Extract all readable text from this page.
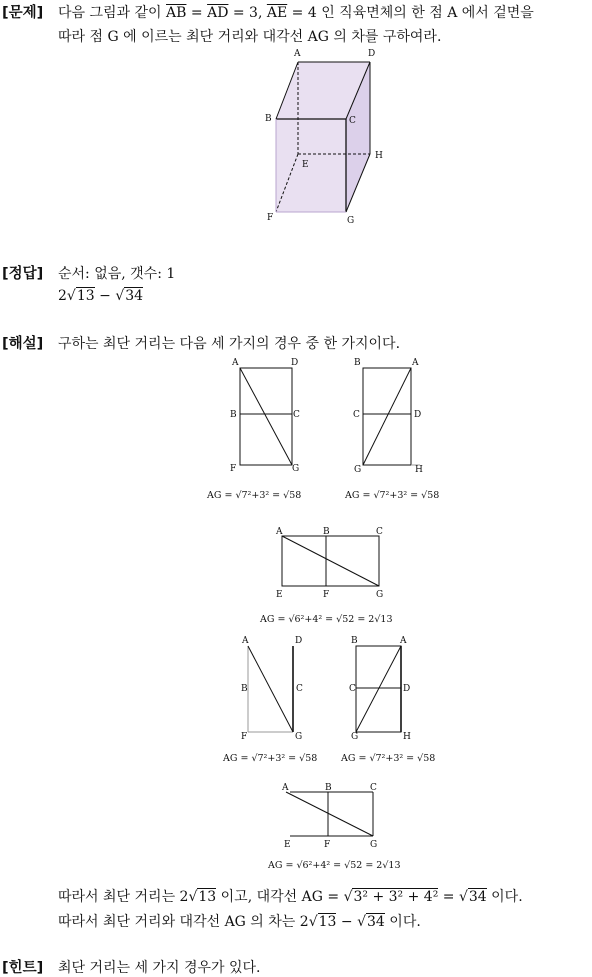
[문제] 다음 그림과 같이 $\overline{AB} = \overline{AD} = 3$, $\overline{AE} = 4$ 인 직육면체의 한 점 A 에서 겉면을
따라 점 G 에 이르는 최단 거리와 대각선 AG 의 차를 구하여라.
A	D
B	C
H
E
F	G
[정답] 순서: 없음, 갯수: 1
2√13 − √34
[해설] 구하는 최단 거리는 다음 세 가지의 경우 중 한 가지이다.
A	D
B	C
F	G
AG = √7²+3² = √58
B	A
C	D
G	H
AG = √7²+3² = √58
A	B	C
E	F	G
AG = √6²+4² = √52 = 2√13
A	D
B	C
F	G
AG = √7²+3² = √58
B	A
C	D
G	H
AG = √7²+3² = √58
A	B	C
E	F	G
AG = √6²+4² = √52 = 2√13
따라서 최단 거리는 2√13 이고, 대각선 AG = √3² + 3² + 4² = √34 이다.
따라서 최단 거리와 대각선 AG 의 차는 2√13 − √34 이다.
[힌트] 최단 거리는 세 가지 경우가 있다.
